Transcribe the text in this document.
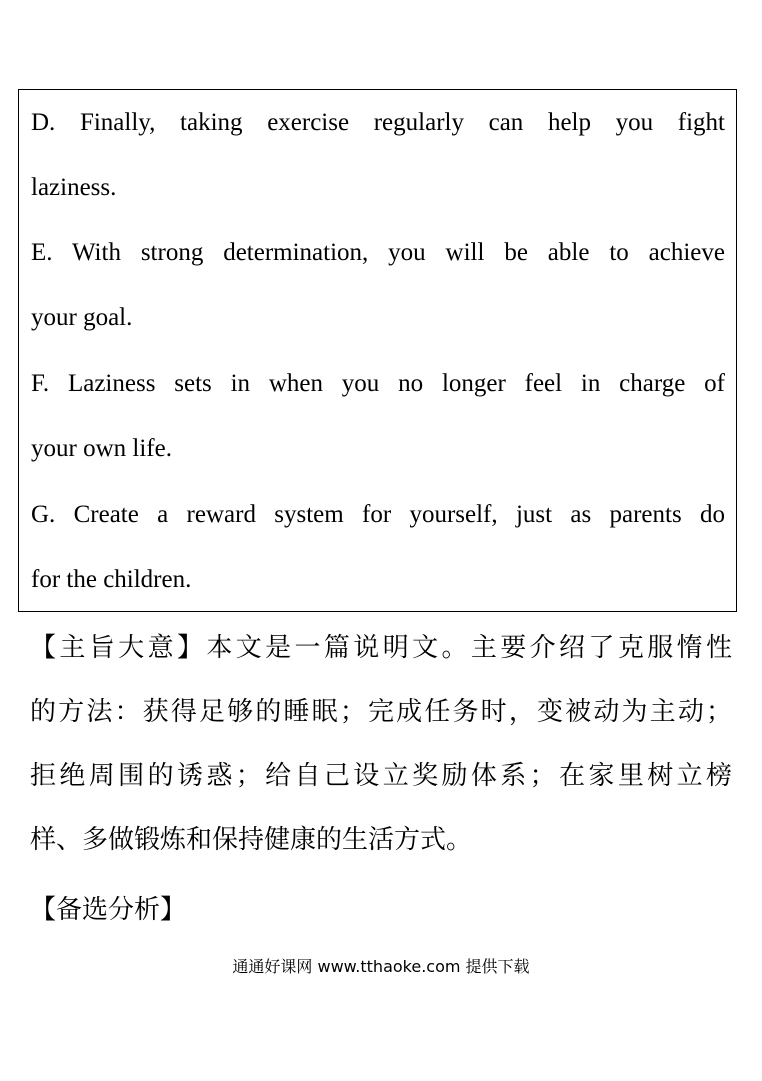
D. Finally, taking exercise regularly can help you fight
laziness.
E. With strong determination, you will be able to achieve
your goal.
F. Laziness sets in when you no longer feel in charge of
your own life.
G. Create a reward system for yourself, just as parents do
for the children.
【主旨大意】本文是一篇说明文。主要介绍了克服惰性
的方法：获得足够的睡眠；完成任务时，变被动为主动；
拒绝周围的诱惑；给自己设立奖励体系；在家里树立榜
样、多做锻炼和保持健康的生活方式。
【备选分析】
通通好课网 www.tthaoke.com 提供下载
